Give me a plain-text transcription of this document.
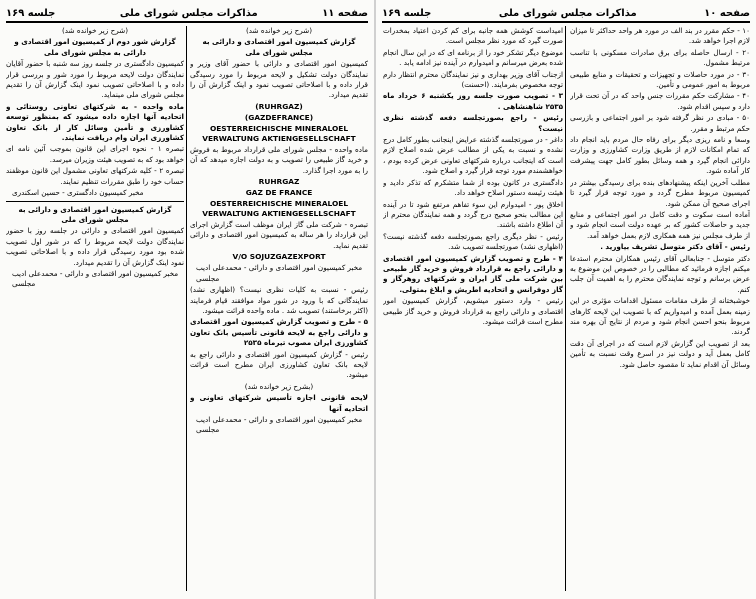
صفحه ۱۱
مذاکرات مجلس شورای ملی
جلسه ۱۶۹

(شرح زیر خوانده شد)

گزارش کمیسیون امور اقتصادی و دارائی به مجلس شورای ملی

کمیسیون امور اقتصادی و دارائی با حضور آقای وزیر و نمایندگان دولت تشکیل و لایحه مربوط را مورد رسیدگی قرار داده و با اصلاحاتی تصویب نمود و اینک گزارش آن را تقدیم میدارد.

(RUHRGAZ)

(GAZDEFRANCE)

OESTERREICHISCHE MINERALOEL VERWALTUNG AKTIENGESELLSCHAFT

ماده واحده - مجلس شورای ملی قرارداد مربوط به فروش و خرید گاز طبیعی را تصویب و به دولت اجازه میدهد که آن را به مورد اجرا گذارد.

RUHRGAZ

GAZ DE FRANCE

OESTERREICHISCHE MINERALOEL VERWALTUNG AKTIENGESELLSCHAFT

تبصره - شرکت ملی گاز ایران موظف است گزارش اجرای این قرارداد را هر ساله به کمیسیون امور اقتصادی و دارائی تقدیم نماید.

V/O SOJUZGAZEXPORT

مخبر کمیسیون امور اقتصادی و دارائی - محمدعلی ادیب مجلسی

رئیس - نسبت به کلیات نظری نیست؟ (اظهاری نشد) نمایندگانی که با ورود در شور مواد موافقند قیام فرمایند (اکثر برخاستند) تصویب شد . ماده واحده قرائت میشود.

۵ - طرح و تصویب گزارش کمیسیون امور اقتصادی و دارائی راجع به لایحه قانونی تأسیس بانک تعاون کشاورزی ایران مصوب تیرماه ۲۵۳۵

رئیس - گزارش کمیسیون امور اقتصادی و دارائی راجع به لایحه بانک تعاون کشاورزی ایران مطرح است قرائت میشود.

(بشرح زیر خوانده شد)

لایحه قانونی اجازه تأسیس شرکتهای تعاونی و اتحادیه آنها

مخبر کمیسیون امور اقتصادی و دارائی - محمدعلی ادیب مجلسی

(شرح زیر خوانده شد)

گزارش شور دوم از کمیسیون امور اقتصادی و دارائی به مجلس شورای ملی

کمیسیون دادگستری در جلسه روز سه شنبه با حضور آقایان نمایندگان دولت لایحه مربوط را مورد شور و بررسی قرار داده و با اصلاحاتی تصویب نمود اینک گزارش آن را تقدیم مجلس شورای ملی مینماید.

ماده واحده - به شرکتهای تعاونی روستائی و اتحادیه آنها اجازه داده میشود که بمنظور توسعه کشاورزی و تأمین وسائل کار از بانک تعاون کشاورزی ایران وام دریافت نمایند.

تبصره ۱ - نحوه اجرای این قانون بموجب آئین نامه ای خواهد بود که به تصویب هیئت وزیران میرسد.

تبصره ۲ - کلیه شرکتهای تعاونی مشمول این قانون موظفند حساب خود را طبق مقررات تنظیم نمایند.

مخبر کمیسیون دادگستری - حسین اسکندری

گزارش کمیسیون امور اقتصادی و دارائی به مجلس شورای ملی

کمیسیون امور اقتصادی و دارائی در جلسه روز با حضور نمایندگان دولت لایحه مربوط را که در شور اول تصویب شده بود مورد رسیدگی قرار داده و با اصلاحاتی تصویب نمود اینک گزارش آن را تقدیم میدارد.

مخبر کمیسیون امور اقتصادی و دارائی - محمدعلی ادیب مجلسی

صفحه ۱۰
مذاکرات مجلس شورای ملی
جلسه ۱۶۹

۱۰ - حکم مقرر در بند الف در مورد هر واحد حداکثر تا میزان لازم اجرا خواهد شد.

۲۰ - ارسال حاصله برای برق صادرات مسکونی با تناسب مرتبط مشمول.

۳۰ - در مورد حاصلات و تجهیزات و تحقیقات و منابع طبیعی مربوط به امور عمومی و تأمین.

۴۰ - مشارکت حکم مقررات جنس واحد که در آن تحت قرار دارد و سپس اقدام شود.

۵۰ - مبادی در نظر گرفته شود بر امور اجتماعی و بازرسی حکم مرتبط و مقرر.

وسعا و نامه ریزی دیگر برای رفاه حال مردم باید انجام داد که تمام امکانات لازم از طریق وزارت کشاورزی و وزارت دارائی انجام گیرد و همه وسائل بطور کامل جهت پیشرفت کار آماده شود.

مطلب آخرین اینکه پیشنهادهای بنده برای رسیدگی بیشتر در کمیسیون مربوط مطرح گردد و مورد توجه قرار گیرد تا اجرای صحیح آن ممکن شود.

آماده است سکوت و دقت کامل در امور اجتماعی و منابع جدید و حاصلات کشور که بر عهده دولت است انجام شود و از طرف مجلس نیز همه همکاری لازم بعمل خواهد آمد.

رئیس - آقای دکتر متوسل تشریف بیاورید .

دکتر متوسل - جنابعالی آقای رئیس همکاران محترم استدعا میکنم اجازه فرمائید که مطالبی را در خصوص این موضوع به عرض برسانم و توجه نمایندگان محترم را به اهمیت آن جلب کنم.

خوشبختانه از طرف مقامات مسئول اقدامات مؤثری در این زمینه بعمل آمده و امیدواریم که با تصویب این لایحه کارهای مربوط بنحو احسن انجام شود و مردم از نتایج آن بهره مند گردند.

بعد از تصویب این گزارش لازم است که در اجرای آن دقت کامل بعمل آید و دولت نیز در اسرع وقت نسبت به تأمین وسائل آن اقدام نماید تا مقصود حاصل شود.

امیداست کوشش همه جانبه برای کم کردن اعتیاد بمخدرات صورت گیرد که مورد نظر مجلس است.

موضوع دیگر تشکر خود را از برنامه ای که در این سال انجام شده بعرض میرسانم و امیدوارم در آینده نیز ادامه یابد .

ازجناب آقای وزیر بهداری و نیز نمایندگان محترم انتظار دارم توجه مخصوص بفرمایند. (احسنت)

۳ - تصویب صورت جلسه روز یکشنبه ۶ خرداد ماه ۲۵۳۵ شاهنشاهی .

رئیس - راجع بصورتجلسه دفعه گذشته نظری نیست؟

داغر - در صورتجلسه گذشته عرایض اینجانب بطور کامل درج نشده و نسبت به یکی از مطالب عرض شده اصلاح لازم است که اینجانب درباره شرکتهای تعاونی عرض کرده بودم ، خواهشمندم مورد توجه قرار گیرد و اصلاح شود.

دادگستری در کانون بوده از شما متشکرم که تذکر دادید و هیئت رئیسه دستور اصلاح خواهد داد.

اخلاق پور - امیدوارم این سوء تفاهم مرتفع شود تا در آینده این مطالب بنحو صحیح درج گردد و همه نمایندگان محترم از آن اطلاع داشته باشند.

رئیس - نظر دیگری راجع بصورتجلسه دفعه گذشته نیست؟ (اظهاری نشد) صورتجلسه تصویب شد.

۴ - طرح و تصویب گزارش کمیسیون امور اقتصادی و دارائی راجع به قرارداد فروش و خرید گاز طبیعی بین شرکت ملی گاز ایران و شرکتهای روهرگاز و گاز دوفرانس و اتحادیه اطریش و ابلاغ بمتولی.

رئیس - وارد دستور میشویم، گزارش کمیسیون امور اقتصادی و دارائی راجع به قرارداد فروش و خرید گاز طبیعی مطرح است قرائت میشود.
